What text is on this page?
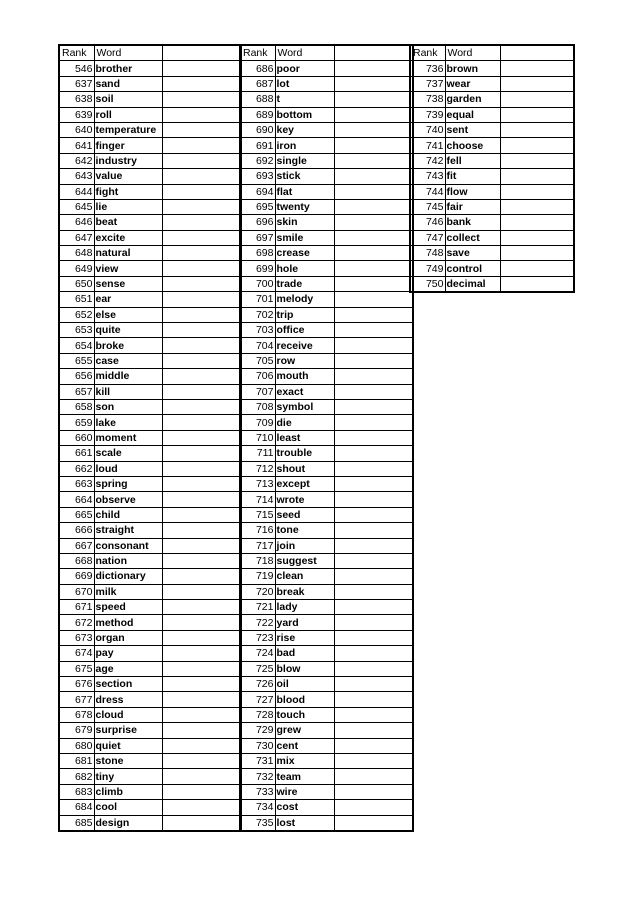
Rank	Word	
546	brother	
637	sand	
638	soil	
639	roll	
640	temperature	
641	finger	
642	industry	
643	value	
644	fight	
645	lie	
646	beat	
647	excite	
648	natural	
649	view	
650	sense	
651	ear	
652	else	
653	quite	
654	broke	
655	case	
656	middle	
657	kill	
658	son	
659	lake	
660	moment	
661	scale	
662	loud	
663	spring	
664	observe	
665	child	
666	straight	
667	consonant	
668	nation	
669	dictionary	
670	milk	
671	speed	
672	method	
673	organ	
674	pay	
675	age	
676	section	
677	dress	
678	cloud	
679	surprise	
680	quiet	
681	stone	
682	tiny	
683	climb	
684	cool	
685	design	
Rank	Word	
686	poor	
687	lot	
688	t	
689	bottom	
690	key	
691	iron	
692	single	
693	stick	
694	flat	
695	twenty	
696	skin	
697	smile	
698	crease	
699	hole	
700	trade	
701	melody	
702	trip	
703	office	
704	receive	
705	row	
706	mouth	
707	exact	
708	symbol	
709	die	
710	least	
711	trouble	
712	shout	
713	except	
714	wrote	
715	seed	
716	tone	
717	join	
718	suggest	
719	clean	
720	break	
721	lady	
722	yard	
723	rise	
724	bad	
725	blow	
726	oil	
727	blood	
728	touch	
729	grew	
730	cent	
731	mix	
732	team	
733	wire	
734	cost	
735	lost	
Rank	Word	
736	brown	
737	wear	
738	garden	
739	equal	
740	sent	
741	choose	
742	fell	
743	fit	
744	flow	
745	fair	
746	bank	
747	collect	
748	save	
749	control	
750	decimal	
